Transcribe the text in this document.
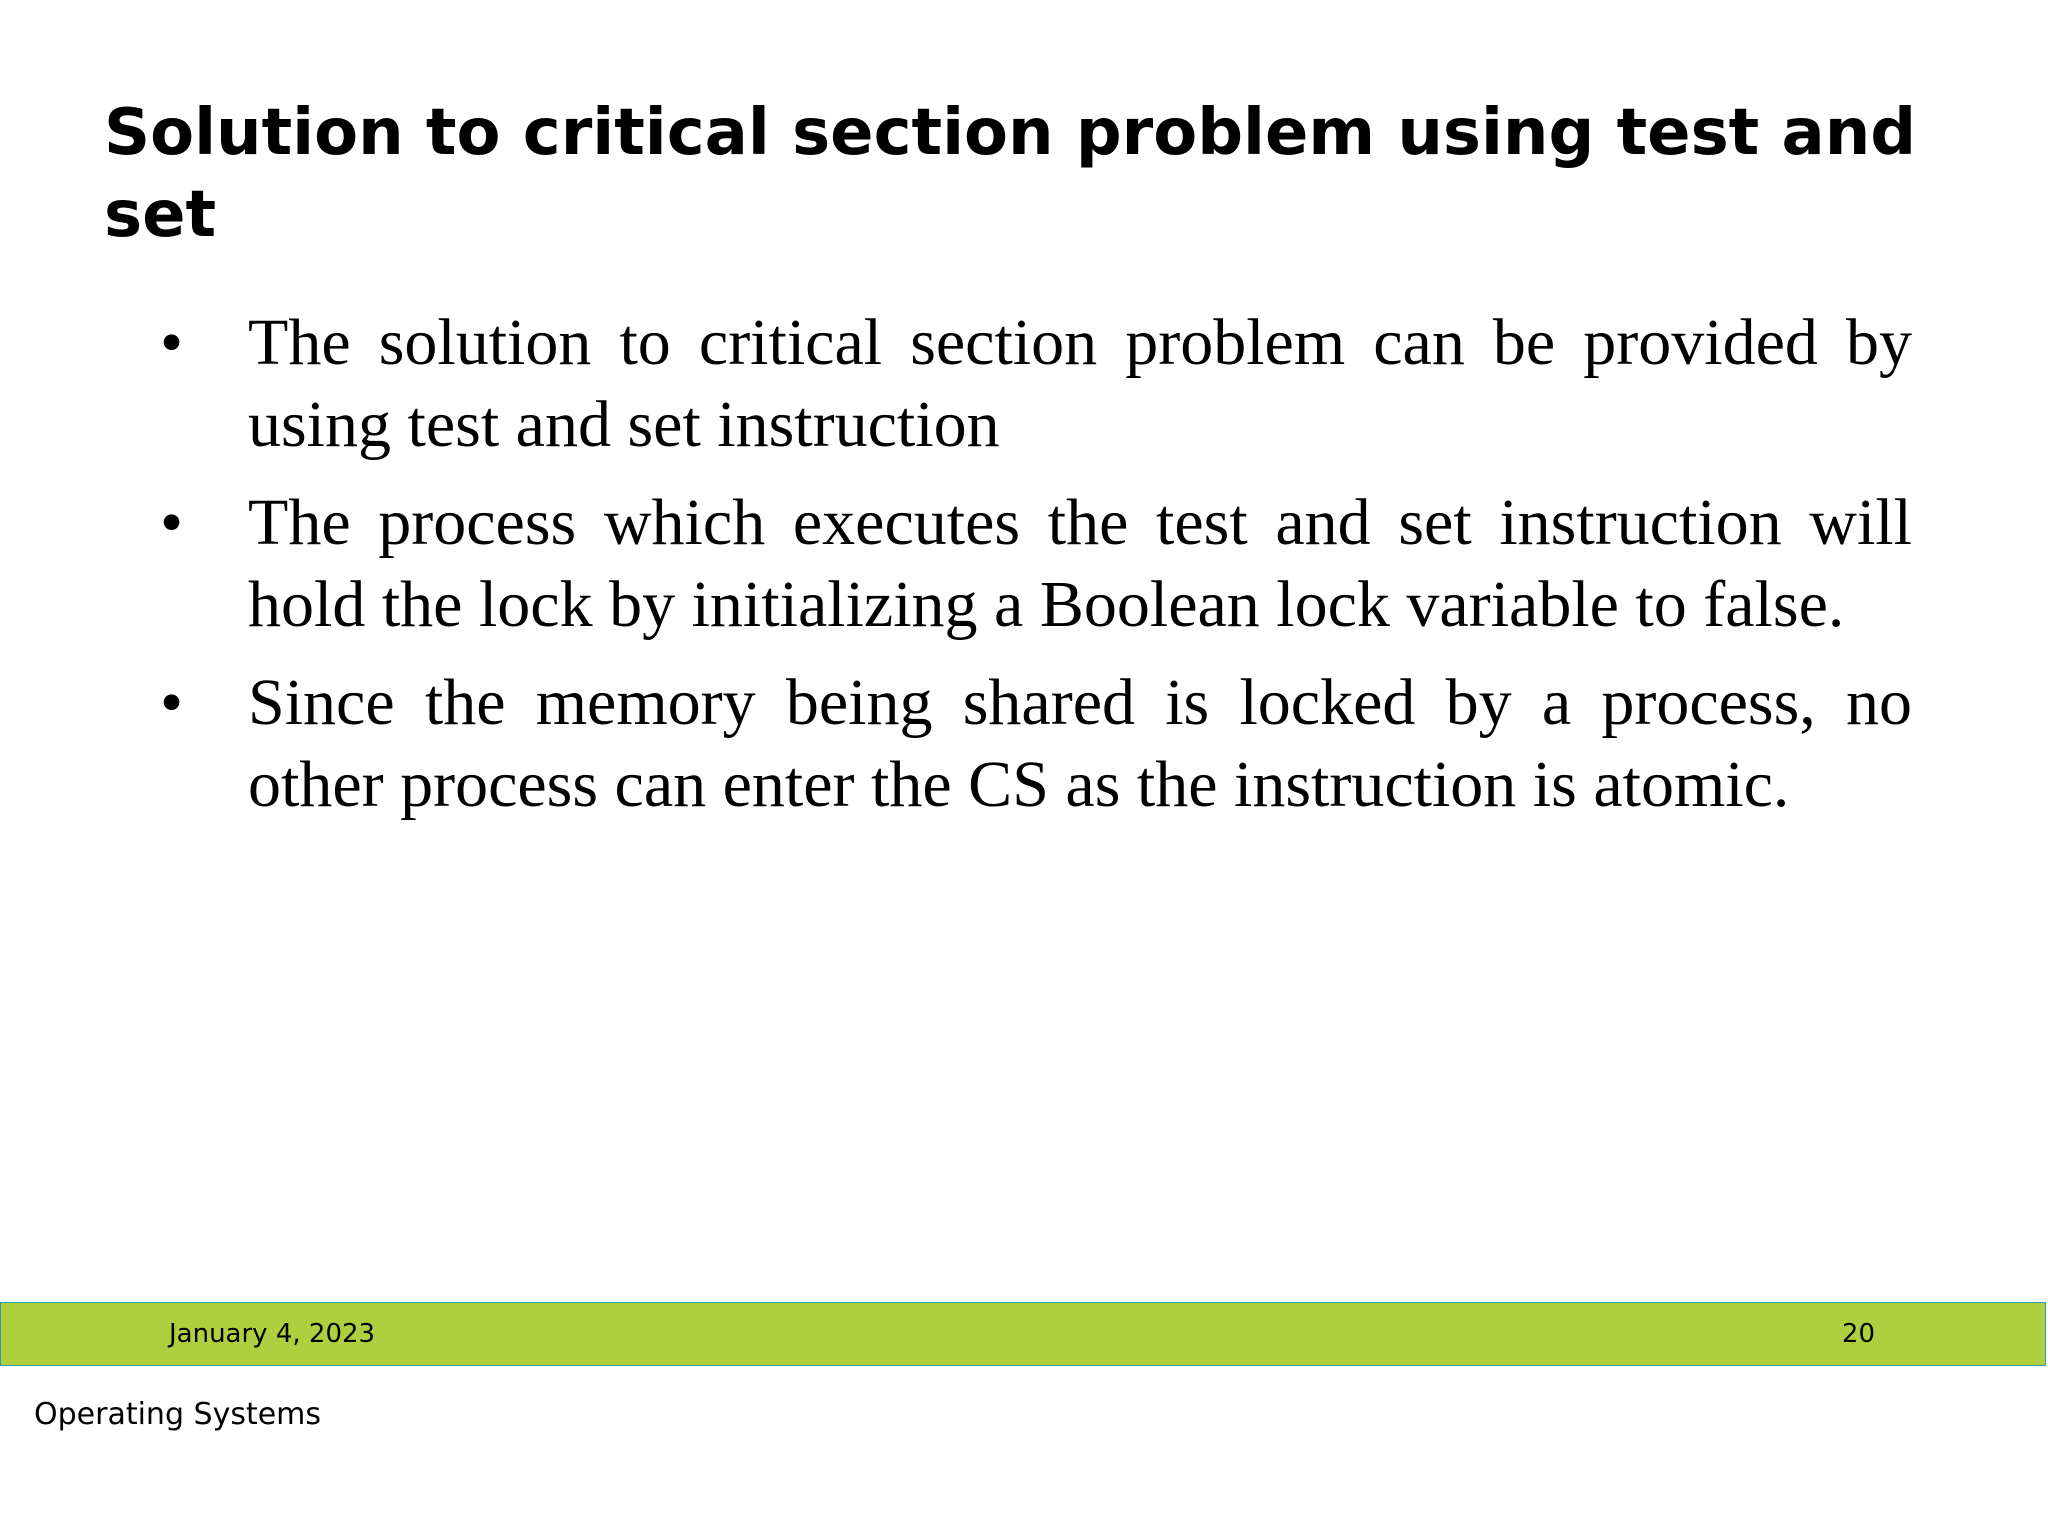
Solution to critical section problem using test and set
• The solution to critical section problem can be provided by using test and set instruction
• The process which executes the test and set instruction will hold the lock by initializing a Boolean lock variable to false.
• Since the memory being shared is locked by a process, no other process can enter the CS as the instruction is atomic.
January 4, 2023	20
Operating Systems
